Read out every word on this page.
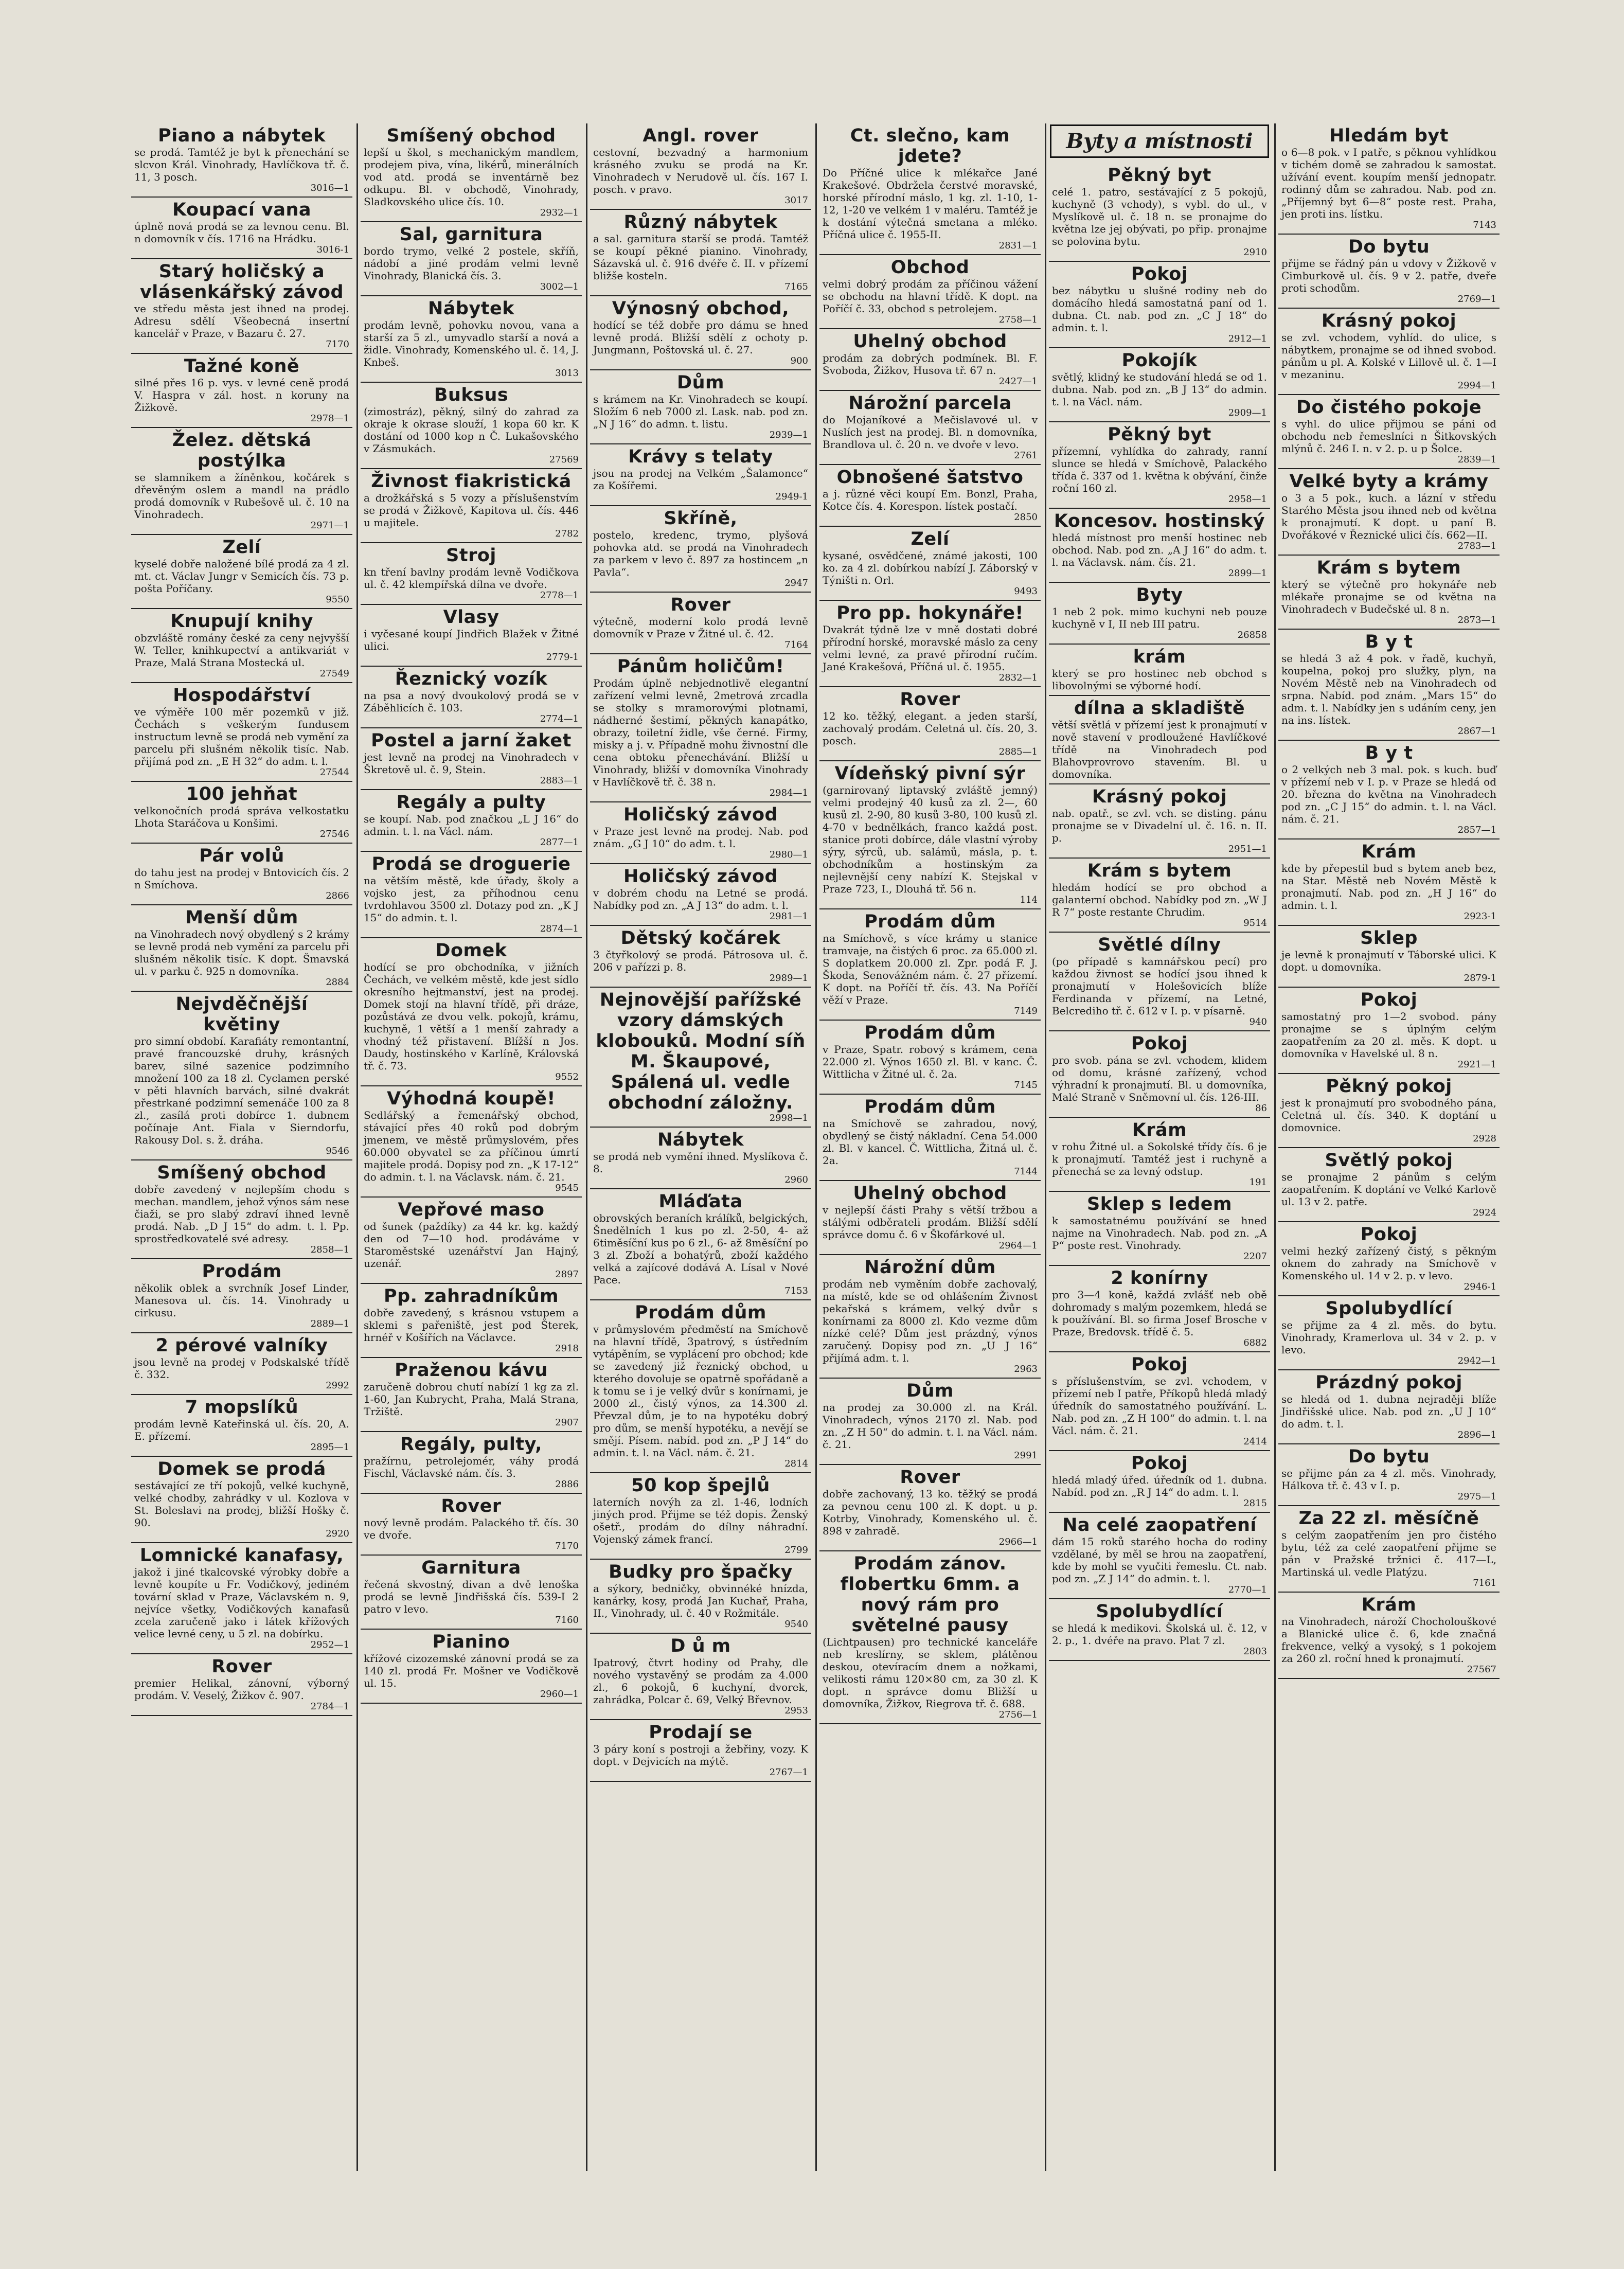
Piano a nábytek

se prodá. Tamtéž je byt k přenechání se slcvon Král. Vinohrady, Havlíčkova tř. č. 11, 3 posch.

3016—1
Koupací vana

úplně nová prodá se za levnou cenu. Bl. n domovník v čís. 1716 na Hrádku.

3016-1
Starý holičský a vlásenkářský závod

ve středu města jest ihned na prodej. Adresu sdělí Všeobecná insertní kancelář v Praze, v Bazaru č. 27.

7170
Tažné koně

silné přes 16 p. vys. v levné ceně prodá V. Haspra v zál. host. n koruny na Žižkově.

2978—1
Želez. dětská postýlka

se slamníkem a žíněnkou, kočárek s dřevěným oslem a mandl na prádlo prodá domovník v Rubešově ul. č. 10 na Vinohradech.

2971—1
Zelí

kyselé dobře naložené bílé prodá za 4 zl. mt. ct. Václav Jungr v Semicích čís. 73 p. pošta Poříčany.

9550
Knupují knihy

obzvláště romány české za ceny nejvyšší W. Teller, knihkupectví a antikvariát v Praze, Malá Strana Mostecká ul.

27549
Hospodářství

ve výměře 100 měr pozemků v již. Čechách s veškerým fundusem instructum levně se prodá neb vymění za parcelu při slušném několik tisíc. Nab. přijímá pod zn. „E H 32“ do adm. t. l.

27544
100 jehňat

velkonočních prodá správa velkostatku Lhota Staráčova u Konšimi.

27546
Pár volů

do tahu jest na prodej v Bntovicích čís. 2 n Smíchova.

2866
Menší dům

na Vinohradech nový obydlený s 2 krámy se levně prodá neb vymění za parcelu při slušném několik tisíc. K dopt. Šmavská ul. v parku č. 925 n domovníka.

2884
Nejvděčnější květiny

pro simní období. Karafiáty remontantní, pravé francouzské druhy, krásných barev, silné sazenice podzimního množení 100 za 18 zl. Cyclamen perské v pěti hlavních barvách, silné dvakrát přestrkané podzimní semenáče 100 za 8 zl., zasílá proti dobírce 1. dubnem počínaje Ant. Fiala v Sierndorfu, Rakousy Dol. s. ž. dráha.

9546
Smíšený obchod

dobře zavedený v nejlepším chodu s mechan. mandlem, jehož výnos sám nese čiaži, se pro slabý zdraví ihned levně prodá. Nab. „D J 15“ do adm. t. l. Pp. sprostředkovatelé své adresy.

2858—1
Prodám

několik oblek a svrchník Josef Linder, Manesova ul. čís. 14. Vinohrady u cirkusu.

2889—1
2 pérové valníky

jsou levně na prodej v Podskalské třídě č. 332.

2992
7 mopslíků

prodám levně Kateřinská ul. čís. 20, A. E. přízemí.

2895—1
Domek se prodá

sestávající ze tří pokojů, velké kuchyně, velké chodby, zahrádky v ul. Kozlova v St. Boleslavi na prodej, bližší Hošky č. 90.

2920
Lomnické kanafasy,

jakož i jiné tkalcovské výrobky dobře a levně koupíte u Fr. Vodičkový, jediném tovární sklad v Praze, Václavském n. 9, nejvíce všetky, Vodičkových kanafasů zcela zaručeně jako i látek křížových velice levné ceny, u 5 zl. na dobírku.

2952—1
Rover

premier Helikal, zánovní, výborný prodám. V. Veselý, Žižkov č. 907.

2784—1
Smíšený obchod

lepší u škol, s mechanickým mandlem, prodejem piva, vína, likérů, minerálních vod atd. prodá se inventárně bez odkupu. Bl. v obchodě, Vinohrady, Sladkovského ulice čís. 10.

2932—1
Sal, garnitura

bordo trymo, velké 2 postele, skříň, nádobí a jiné prodám velmi levně Vinohrady, Blanická čís. 3.

3002—1
Nábytek

prodám levně, pohovku novou, vana a starší za 5 zl., umyvadlo starší a nová a židle. Vinohrady, Komenského ul. č. 14, J. Knbeš.

3013
Buksus

(zimostráz), pěkný, silný do zahrad za okraje k okrase slouží, 1 kopa 60 kr. K dostání od 1000 kop n Č. Lukašovského v Zásmukách.

27569
Živnost fiakristická

a drožkářská s 5 vozy a příslušenstvím se prodá v Žižkově, Kapitova ul. čís. 446 u majitele.

2782
Stroj

kn tření bavlny prodám levně Vodičkova ul. č. 42 klempířská dílna ve dvoře.

2778—1
Vlasy

i vyčesané koupí Jindřich Blažek v Žitné ulici.

2779-1
Řeznický vozík

na psa a nový dvoukolový prodá se v Záběhlicích č. 103.

2774—1
Postel a jarní žaket

jest levně na prodej na Vinohradech v Škretově ul. č. 9, Stein.

2883—1
Regály a pulty

se koupí. Nab. pod značkou „L J 16“ do admin. t. l. na Václ. nám.

2877—1
Prodá se droguerie

na větším městě, kde úřady, školy a vojsko jest, za příhodnou cenu tvrdohlavou 3500 zl. Dotazy pod zn. „K J 15“ do admin. t. l.

2874—1
Domek

hodící se pro obchodníka, v jižních Čechách, ve velkém městě, kde jest sídlo okresního hejtmanství, jest na prodej. Domek stojí na hlavní třídě, při dráze, pozůstává ze dvou velk. pokojů, krámu, kuchyně, 1 větší a 1 menší zahrady a vhodný též přistavení. Blížší n Jos. Daudy, hostinského v Karlíně, Královská tř. č. 73.

9552
Výhodná koupě!

Sedlářský a řemenářský obchod, stávající přes 40 roků pod dobrým jmenem, ve městě průmyslovém, přes 60.000 obyvatel se za příčinou úmrtí majitele prodá. Dopisy pod zn. „K 17-12“ do admin. t. l. na Václavsk. nám. č. 21.

9545
Vepřové maso

od šunek (paždíky) za 44 kr. kg. každý den od 7—10 hod. prodáváme v Staroměstské uzenářství Jan Hajný, uzenář.

2897
Pp. zahradníkům

dobře zavedený, s krásnou vstupem a sklemi s pařeniště, jest pod Šterek, hrnéř v Košířích na Václavce.

2918
Praženou kávu

zaručeně dobrou chutí nabízí 1 kg za zl. 1-60, Jan Kubrycht, Praha, Malá Strana, Tržiště.

2907
Regály, pulty,

pražírnu, petrolejomér, váhy prodá Fischl, Václavské nám. čís. 3.

2886
Rover

nový levně prodám. Palackého tř. čís. 30 ve dvoře.

7170
Garnitura

řečená skvostný, divan a dvě lenoška prodá se levně Jindřišská čís. 539-I 2 patro v levo.

7160
Pianino

křížové cizozemské zánovní prodá se za 140 zl. prodá Fr. Mošner ve Vodičkově ul. 15.

2960—1
Angl. rover

cestovní, bezvadný a harmonium krásného zvuku se prodá na Kr. Vinohradech v Nerudově ul. čís. 167 I. posch. v pravo.

3017
Různý nábytek

a sal. garnitura starší se prodá. Tamtéž se koupí pěkné pianino. Vinohrady, Sázavská ul. č. 916 dvéře č. II. v přízemí bližše kosteln.

7165
Výnosný obchod,

hodící se též dobře pro dámu se hned levně prodá. Bližší sdělí z ochoty p. Jungmann, Poštovská ul. č. 27.

900
Dům

s krámem na Kr. Vinohradech se koupí. Složím 6 neb 7000 zl. Lask. nab. pod zn. „N J 16“ do admn. t. listu.

2939—1
Krávy s telaty

jsou na prodej na Velkém „Šalamonce“ za Košířemi.

2949-1
Skříně,

postelo, kredenc, trymo, plyšová pohovka atd. se prodá na Vinohradech za parkem v levo č. 897 za hostincem „n Pavla“.

2947
Rover

výtečně, moderní kolo prodá levně domovník v Praze v Žitné ul. č. 42.

7164
Pánům holičům!

Prodám úplně nebjednotlivě elegantní zařízení velmi levně, 2metrová zrcadla se stolky s mramorovými plotnami, nádherné šestimí, pěkných kanapátko, obrazy, toiletní židle, vše černé. Firmy, misky a j. v. Případně mohu živnostní dle cena obtoku přenechávání. Bližší u Vinohrady, bližší v domovníka Vinohrady v Havlíčkově tř. č. 38 n.

2984—1
Holičský závod

v Praze jest levně na prodej. Nab. pod znám. „G J 10“ do adm. t. l.

2980—1
Holičský závod

v dobrém chodu na Letné se prodá. Nabídky pod zn. „A J 13“ do adm. t. l.

2981—1
Dětský kočárek

3 čtyřkolový se prodá. Pátrosova ul. č. 206 v pařízzi p. 8.

2989—1
Nejnovější pařížské vzory dámských klobouků. Modní síň M. Škaupové, Spálená ul. vedle obchodní záložny.

2998—1
Nábytek

se prodá neb vymění ihned. Myslíkova č. 8.

2960
Mláďata

obrovských beraních králíků, belgických, Šnedělních 1 kus po zl. 2-50, 4- až 6timěsíční kus po 6 zl., 6- až 8měsíční po 3 zl. Zboží a bohatýrů, zboží každého velká a zajícové dodává A. Lísal v Nové Pace.

7153
Prodám dům

v průmyslovém předměstí na Smíchově na hlavní třídě, 3patrový, s ústředním vytápěním, se vyplácení pro obchod; kde se zavedený již řeznický obchod, u kterého dovoluje se opatrně spořádaně a k tomu se i je velký dvůr s konírnami, je 2000 zl., čistý výnos, za 14.300 zl. Převzal dům, je to na hypotéku dobrý pro dům, se menší hypotéku, a nevějí se smějí. Písem. nabíd. pod zn. „P J 14“ do admin. t. l. na Václ. nám. č. 21.

2814
50 kop špejlů

laterních novýh za zl. 1-46, lodních jiných prod. Přijme se též dopis. Ženský ošetř., prodám do dílny náhradní. Vojenský zámek francí.

2799
Budky pro špačky

a sýkory, bedničky, obvinnéké hnízda, kanárky, kosy, prodá Jan Kuchař, Praha, II., Vinohrady, ul. č. 40 v Rožmitále.

9540
D ů m

Ipatrový, čtvrt hodiny od Prahy, dle nového vystavěný se prodám za 4.000 zl., 6 pokojů, 6 kuchyní, dvorek, zahrádka, Polcar č. 69, Velký Břevnov.

2953
Prodají se

3 páry koní s postroji a žebřiny, vozy. K dopt. v Dejvicích na mýtě.

2767—1
Ct. slečno, kam jdete?

Do Příčné ulice k mlékařce Jané Krakešové. Obdržela čerstvé moravské, horské přírodní máslo, 1 kg. zl. 1-10, 1-12, 1-20 ve velkém 1 v maléru. Tamtéž je k dostání výtečná smetana a mléko. Příčná ulice č. 1955-II.

2831—1
Obchod

velmi dobrý prodám za příčinou vážení se obchodu na hlavní třídě. K dopt. na Poříčí č. 33, obchod s petrolejem.

2758—1
Uhelný obchod

prodám za dobrých podmínek. Bl. F. Svoboda, Žižkov, Husova tř. 67 n.

2427—1
Nárožní parcela

do Mojaníkové a Mečislavové ul. v Nuslích jest na prodej. Bl. n domovníka, Brandlova ul. č. 20 n. ve dvoře v levo.

2761
Obnošené šatstvo

a j. různé věci koupí Em. Bonzl, Praha, Kotce čís. 4. Korespon. lístek postačí.

2850
Zelí

kysané, osvědčené, známé jakosti, 100 ko. za 4 zl. dobírkou nabízí J. Záborský v Týništi n. Orl.

9493
Pro pp. hokynáře!

Dvakrát týdně lze v mně dostati dobré přírodní horské, moravské máslo za ceny velmi levné, za pravé přírodní ručím. Jané Krakešová, Příčná ul. č. 1955.

2832—1
Rover

12 ko. těžký, elegant. a jeden starší, zachovalý prodám. Celetná ul. čís. 20, 3. posch.

2885—1
Vídeňský pivní sýr

(garnirovaný liptavský zvláště jemný) velmi prodejný 40 kusů za zl. 2—, 60 kusů zl. 2-90, 80 kusů 3-80, 100 kusů zl. 4-70 v bednělkách, franco každá post. stanice proti dobírce, dále vlastní výroby sýry, sýrců, ub. salámů, másla, p. t. obchodníkům a hostinským za nejlevnější ceny nabízí K. Stejskal v Praze 723, I., Dlouhá tř. 56 n.

114
Prodám dům

na Smíchově, s více krámy u stanice tramvaje, na čistých 6 proc. za 65.000 zl. S doplatkem 20.000 zl. Zpr. podá F. J. Škoda, Senovážném nám. č. 27 přízemí. K dopt. na Poříčí tř. čís. 43. Na Poříčí věží v Praze.

7149
Prodám dům

v Praze, Spatr. robový s krámem, cena 22.000 zl. Výnos 1650 zl. Bl. v kanc. Č. Wittlicha v Žitné ul. č. 2a.

7145
Prodám dům

na Smíchově se zahradou, nový, obydlený se čistý nákladní. Cena 54.000 zl. Bl. v kancel. Č. Wittlicha, Žitná ul. č. 2a.

7144
Uhelný obchod

v nejlepší části Prahy s větší tržbou a stálými odběrateli prodám. Bližší sdělí správce domu č. 6 v Škofárkové ul.

2964—1
Nárožní dům

prodám neb vyměním dobře zachovalý, na místě, kde se od ohlášením Živnost pekařská s krámem, velký dvůr s konírnami za 8000 zl. Kdo vezme dům nízké celé? Dům jest prázdný, výnos zaručený. Dopisy pod zn. „U J 16“ přijímá adm. t. l.

2963
Dům

na prodej za 30.000 zl. na Král. Vinohradech, výnos 2170 zl. Nab. pod zn. „Z H 50“ do admin. t. l. na Václ. nám. č. 21.

2991
Rover

dobře zachovaný, 13 ko. těžký se prodá za pevnou cenu 100 zl. K dopt. u p. Kotrby, Vinohrady, Komenského ul. č. 898 v zahradě.

2966—1
Prodám zánov. flobertku 6mm. a nový rám pro světelné pausy

(Lichtpausen) pro technické kanceláře neb kreslírny, se sklem, plátěnou deskou, otevíracím dnem a nožkami, velikosti rámu 120×80 cm, za 30 zl. K dopt. n správce domu Bližší u domovníka, Žižkov, Riegrova tř. č. 688.

2756—1
Byty a místnosti
Pěkný byt

celé 1. patro, sestávající z 5 pokojů, kuchyně (3 vchody), s vybl. do ul., v Myslíkově ul. č. 18 n. se pronajme do května lze jej obývati, po přip. pronajme se polovina bytu.

2910
Pokoj

bez nábytku u slušné rodiny neb do domácího hledá samostatná paní od 1. dubna. Ct. nab. pod zn. „C J 18“ do admin. t. l.

2912—1
Pokojík

světlý, klidný ke studování hledá se od 1. dubna. Nab. pod zn. „B J 13“ do admin. t. l. na Václ. nám.

2909—1
Pěkný byt

přízemní, vyhlídka do zahrady, ranní slunce se hledá v Smíchově, Palackého třída č. 337 od 1. května k obývání, činže roční 160 zl.

2958—1
Koncesov. hostinský

hledá místnost pro menší hostinec neb obchod. Nab. pod zn. „A J 16“ do adm. t. l. na Václavsk. nám. čís. 21.

2899—1
Byty

1 neb 2 pok. mimo kuchyni neb pouze kuchyně v I, II neb III patru.

26858
krám

který se pro hostinec neb obchod s libovolnými se výborné hodí.

dílna a skladiště

větší světlá v přízemí jest k pronajmutí v nově stavení v prodloužené Havlíčkové třídě na Vinohradech pod Blahovprovrovo stavením. Bl. u domovníka.

Krásný pokoj

nab. opatř., se zvl. vch. se disting. pánu pronajme se v Divadelní ul. č. 16. n. II. p.

2951—1
Krám s bytem

hledám hodící se pro obchod a galanterní obchod. Nabídky pod zn. „W J R 7“ poste restante Chrudim.

9514
Světlé dílny

(po případě s kamnářskou pecí) pro každou živnost se hodící jsou ihned k pronajmutí v Holešovicích blíže Ferdinanda v přízemí, na Letné, Belcrediho tř. č. 612 v I. p. v písarně.

940
Pokoj

pro svob. pána se zvl. vchodem, klidem od domu, krásné zařízený, vchod výhradní k pronajmutí. Bl. u domovníka, Malé Straně v Sněmovní ul. čís. 126-III.

86
Krám

v rohu Žitné ul. a Sokolské třídy čís. 6 je k pronajmutí. Tamtéž jest i ruchyně a přenechá se za levný odstup.

191
Sklep s ledem

k samostatnému používání se hned najme na Vinohradech. Nab. pod zn. „A P“ poste rest. Vinohrady.

2207
2 konírny

pro 3—4 koně, každá zvlášť neb obě dohromady s malým pozemkem, hledá se k používání. Bl. so firma Josef Brosche v Praze, Bredovsk. třídě č. 5.

6882
Pokoj

s příslušenstvím, se zvl. vchodem, v přízemí neb I patře, Příkopů hledá mladý úředník do samostatného používání. L. Nab. pod zn. „Z H 100“ do admin. t. l. na Václ. nám. č. 21.

2414
Pokoj

hledá mladý úřed. úředník od 1. dubna. Nabíd. pod zn. „R J 14“ do adm. t. l.

2815
Na celé zaopatření

dám 15 roků starého hocha do rodiny vzdělané, by měl se hrou na zaopatření, kde by mohl se vyučiti řemeslu. Ct. nab. pod zn. „Z J 14“ do admin. t. l.

2770—1
Spolubydlící

se hledá k medikovi. Školská ul. č. 12, v 2. p., 1. dvéře na pravo. Plat 7 zl.

2803
Hledám byt

o 6—8 pok. v I patře, s pěknou vyhlídkou v tichém domě se zahradou k samostat. užívání event. koupím menší jednopatr. rodinný dům se zahradou. Nab. pod zn. „Příjemný byt 6—8“ poste rest. Praha, jen proti ins. lístku.

7143
Do bytu

přijme se řádný pán u vdovy v Žižkově v Cimburkově ul. čís. 9 v 2. patře, dveře proti schodům.

2769—1
Krásný pokoj

se zvl. vchodem, vyhlíd. do ulice, s nábytkem, pronajme se od ihned svobod. pánům u pl. A. Kolské v Lillově ul. č. 1—I v mezaninu.

2994—1
Do čistého pokoje

s vyhl. do ulice přijmou se páni od obchodu neb řemeslníci n Šitkovských mlýnů č. 246 I. n. v 2. p. u p Šolce.

2839—1
Velké byty a krámy

o 3 a 5 pok., kuch. a lázní v středu Starého Města jsou ihned neb od května k pronajmutí. K dopt. u paní B. Dvořákové v Řeznické ulici čís. 662—II.

2783—1
Krám s bytem

který se výtečně pro hokynáře neb mlékaře pronajme se od května na Vinohradech v Budečské ul. 8 n.

2873—1
B y t

se hledá 3 až 4 pok. v řadě, kuchyň, koupelna, pokoj pro služky, plyn, na Novém Městě neb na Vinohradech od srpna. Nabíd. pod znám. „Mars 15“ do adm. t. l. Nabídky jen s udáním ceny, jen na ins. lístek.

2867—1
B y t

o 2 velkých neb 3 mal. pok. s kuch. buď v přízemí neb v I. p. v Praze se hledá od 20. března do května na Vinohradech pod zn. „C J 15“ do admin. t. l. na Václ. nám. č. 21.

2857—1
Krám

kde by přepestil bud s bytem aneb bez, na Star. Městě neb Novém Městě k pronajmutí. Nab. pod zn. „H J 16“ do admin. t. l.

2923-1
Sklep

je levně k pronajmutí v Táborské ulici. K dopt. u domovníka.

2879-1
Pokoj

samostatný pro 1—2 svobod. pány pronajme se s úplným celým zaopatřením za 20 zl. měs. K dopt. u domovníka v Havelské ul. 8 n.

2921—1
Pěkný pokoj

jest k pronajmutí pro svobodného pána, Celetná ul. čís. 340. K doptání u domovnice.

2928
Světlý pokoj

se pronajme 2 pánům s celým zaopatřením. K doptání ve Velké Karlově ul. 13 v 2. patře.

2924
Pokoj

velmi hezký zařízený čistý, s pěkným oknem do zahrady na Smíchově v Komenského ul. 14 v 2. p. v levo.

2946-1
Spolubydlící

se přijme za 4 zl. měs. do bytu. Vinohrady, Kramerlova ul. 34 v 2. p. v levo.

2942—1
Prázdný pokoj

se hledá od 1. dubna nejraději blíže Jindřišské ulice. Nab. pod zn. „U J 10“ do adm. t. l.

2896—1
Do bytu

se přijme pán za 4 zl. měs. Vinohrady, Hálkova tř. č. 43 v I. p.

2975—1
Za 22 zl. měsíčně

s celým zaopatřením jen pro čistého bytu, též za celé zaopatření přijme se pán v Pražské tržnici č. 417—L, Martinská ul. vedle Platýzu.

7161
Krám

na Vinohradech, nároží Chocholouškové a Blanické ulice č. 6, kde značná frekvence, velký a vysoký, s 1 pokojem za 260 zl. roční hned k pronajmutí.

27567
